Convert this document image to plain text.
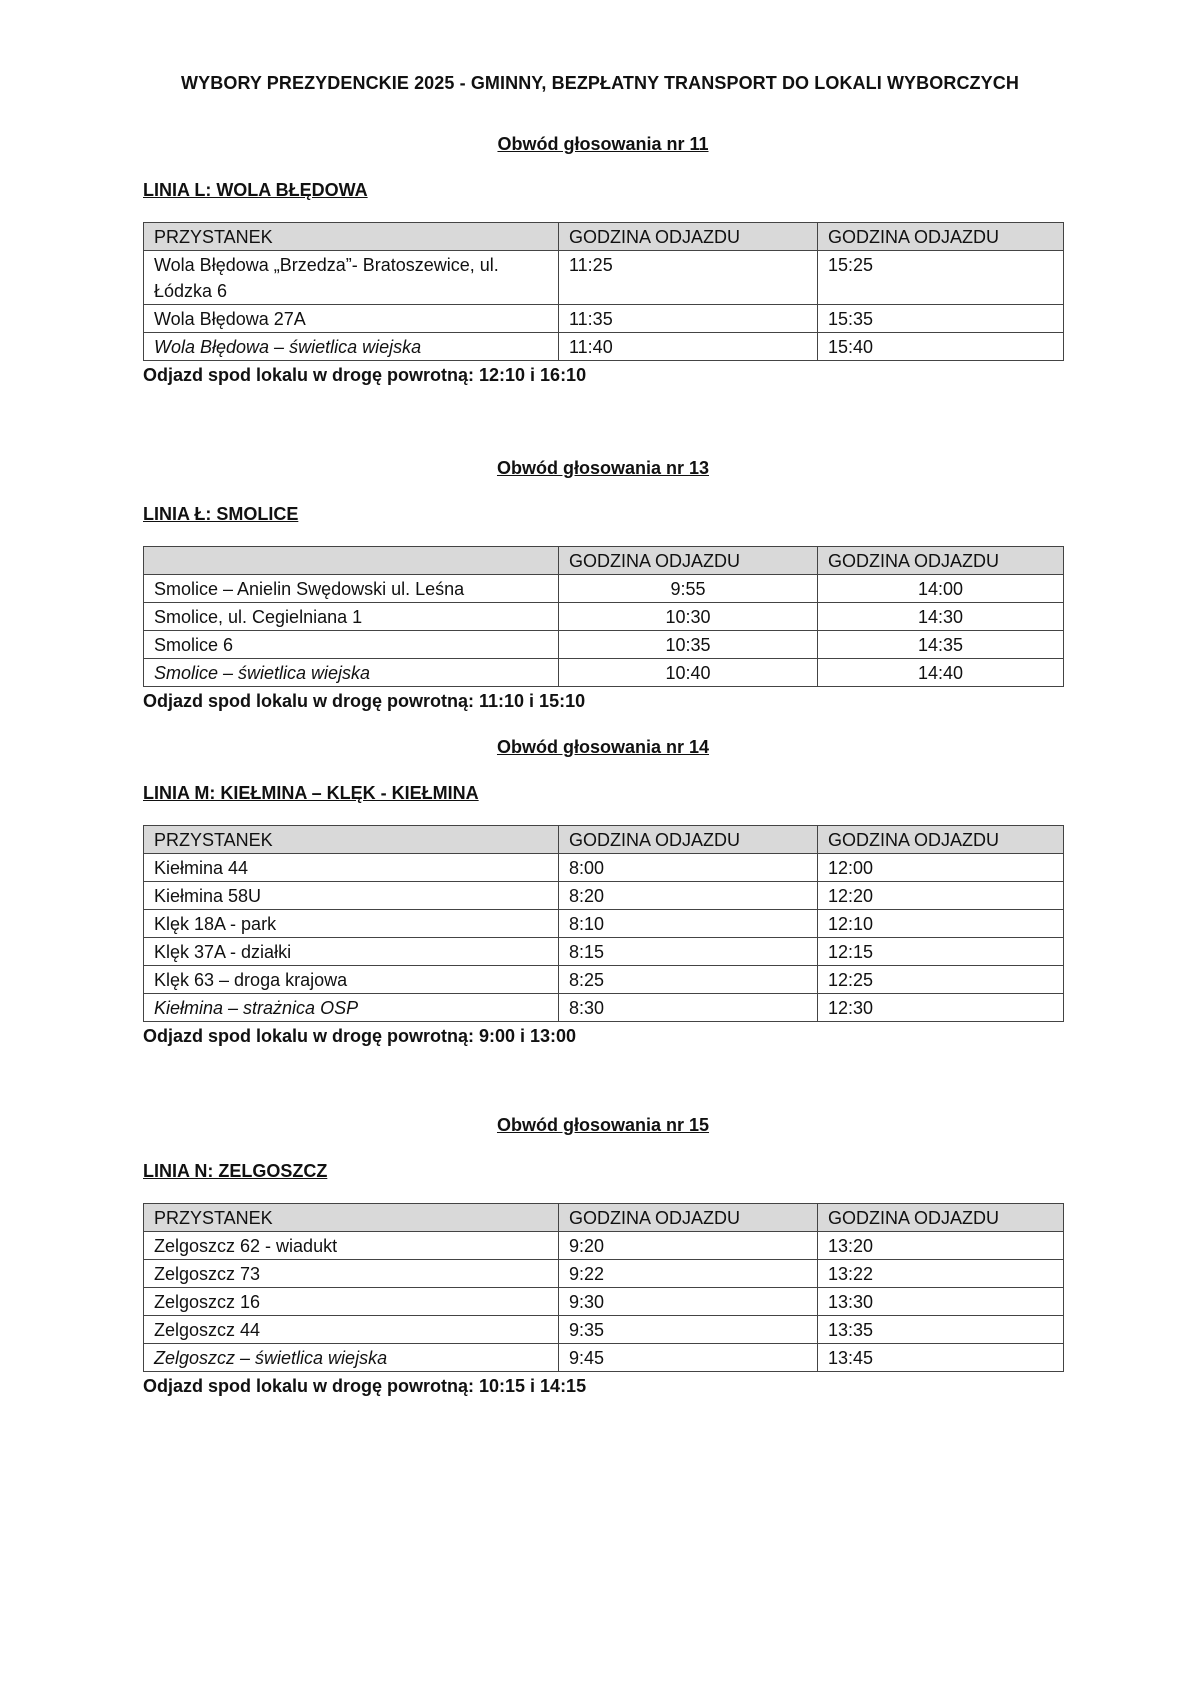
WYBORY PREZYDENCKIE 2025 - GMINNY, BEZPŁATNY TRANSPORT DO LOKALI WYBORCZYCH
Obwód głosowania nr 11
LINIA L: WOLA BŁĘDOWA
PRZYSTANEK	GODZINA ODJAZDU	GODZINA ODJAZDU
Wola Błędowa „Brzedza”- Bratoszewice, ul. Łódzka 6	11:25	15:25
Wola Błędowa 27A	11:35	15:35
Wola Błędowa – świetlica wiejska	11:40	15:40
Odjazd spod lokalu w drogę powrotną: 12:10 i 16:10
Obwód głosowania nr 13
LINIA Ł: SMOLICE
	GODZINA ODJAZDU	GODZINA ODJAZDU
Smolice – Anielin Swędowski ul. Leśna	9:55	14:00
Smolice, ul. Cegielniana 1	10:30	14:30
Smolice 6	10:35	14:35
Smolice – świetlica wiejska	10:40	14:40
Odjazd spod lokalu w drogę powrotną: 11:10 i 15:10
Obwód głosowania nr 14
LINIA M: KIEŁMINA – KLĘK - KIEŁMINA
PRZYSTANEK	GODZINA ODJAZDU	GODZINA ODJAZDU
Kiełmina 44	8:00	12:00
Kiełmina 58U	8:20	12:20
Klęk 18A - park	8:10	12:10
Klęk 37A - działki	8:15	12:15
Klęk 63 – droga krajowa	8:25	12:25
Kiełmina – strażnica OSP	8:30	12:30
Odjazd spod lokalu w drogę powrotną: 9:00 i 13:00
Obwód głosowania nr 15
LINIA N: ZELGOSZCZ
PRZYSTANEK	GODZINA ODJAZDU	GODZINA ODJAZDU
Zelgoszcz 62 - wiadukt	9:20	13:20
Zelgoszcz 73	9:22	13:22
Zelgoszcz 16	9:30	13:30
Zelgoszcz 44	9:35	13:35
Zelgoszcz – świetlica wiejska	9:45	13:45
Odjazd spod lokalu w drogę powrotną: 10:15 i 14:15
